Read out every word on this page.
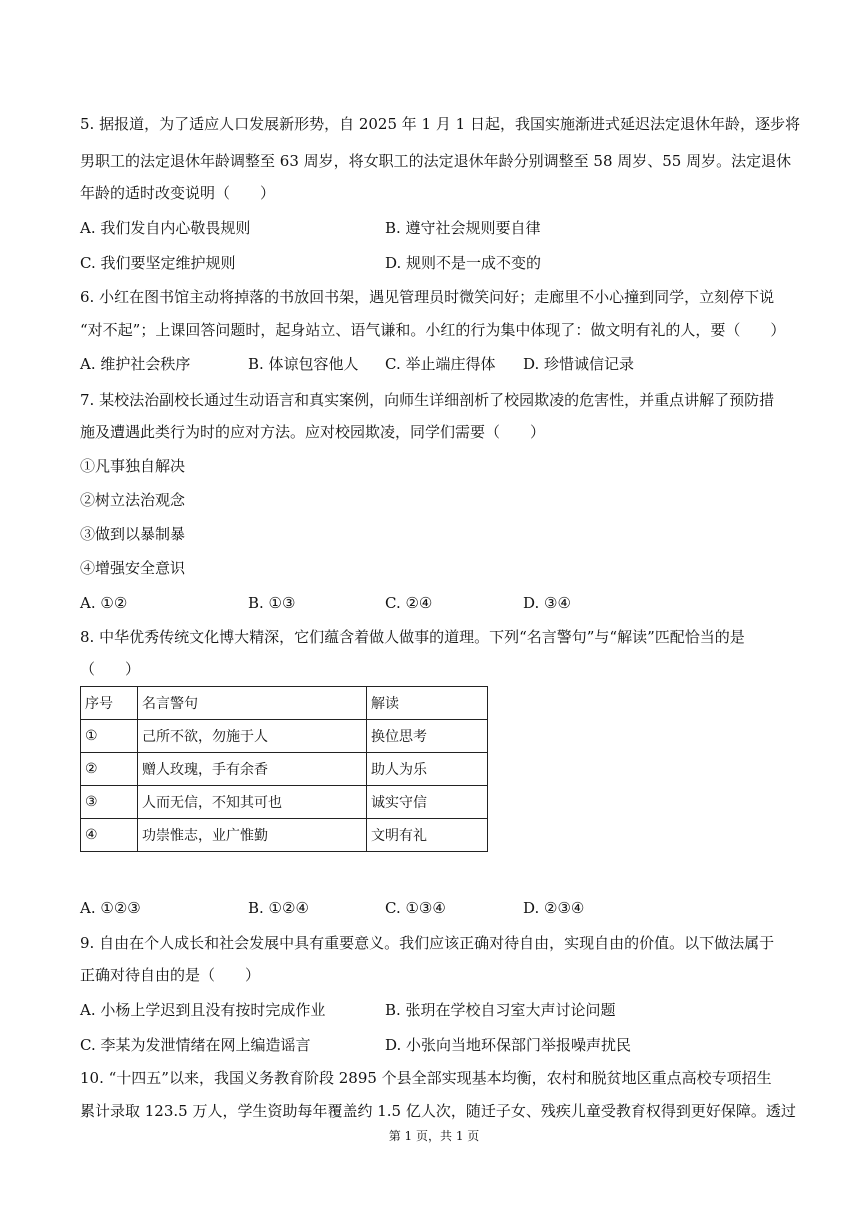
5. 据报道，为了适应人口发展新形势，自 2025 年 1 月 1 日起，我国实施渐进式延迟法定退休年龄，逐步将
男职工的法定退休年龄调整至 63 周岁，将女职工的法定退休年龄分别调整至 58 周岁、55 周岁。法定退休
年龄的适时改变说明（　　）
A. 我们发自内心敬畏规则	B. 遵守社会规则要自律
C. 我们要坚定维护规则	D. 规则不是一成不变的
6. 小红在图书馆主动将掉落的书放回书架，遇见管理员时微笑问好；走廊里不小心撞到同学，立刻停下说
“对不起”；上课回答问题时，起身站立、语气谦和。小红的行为集中体现了：做文明有礼的人，要（　　）
A. 维护社会秩序	B. 体谅包容他人 C. 举止端庄得体 D. 珍惜诚信记录
7. 某校法治副校长通过生动语言和真实案例，向师生详细剖析了校园欺凌的危害性，并重点讲解了预防措
施及遭遇此类行为时的应对方法。应对校园欺凌，同学们需要（　　）
①凡事独自解决
②树立法治观念
③做到以暴制暴
④增强安全意识
A. ①②	B. ①③	C. ②④	D. ③④
8. 中华优秀传统文化博大精深，它们蕴含着做人做事的道理。下列“名言警句”与“解读”匹配恰当的是
（　　）
序号	名言警句	解读
①	己所不欲，勿施于人	换位思考
②	赠人玫瑰，手有余香	助人为乐
③	人而无信，不知其可也	诚实守信
④	功崇惟志，业广惟勤	文明有礼
A. ①②③	B. ①②④	C. ①③④	D. ②③④
9. 自由在个人成长和社会发展中具有重要意义。我们应该正确对待自由，实现自由的价值。以下做法属于
正确对待自由的是（　　）
A. 小杨上学迟到且没有按时完成作业	B. 张玥在学校自习室大声讨论问题
C. 李某为发泄情绪在网上编造谣言	D. 小张向当地环保部门举报噪声扰民
10. “十四五”以来，我国义务教育阶段 2895 个县全部实现基本均衡，农村和脱贫地区重点高校专项招生
累计录取 123.5 万人，学生资助每年覆盖约 1.5 亿人次，随迁子女、残疾儿童受教育权得到更好保障。透过
第 1 页，共 1 页
